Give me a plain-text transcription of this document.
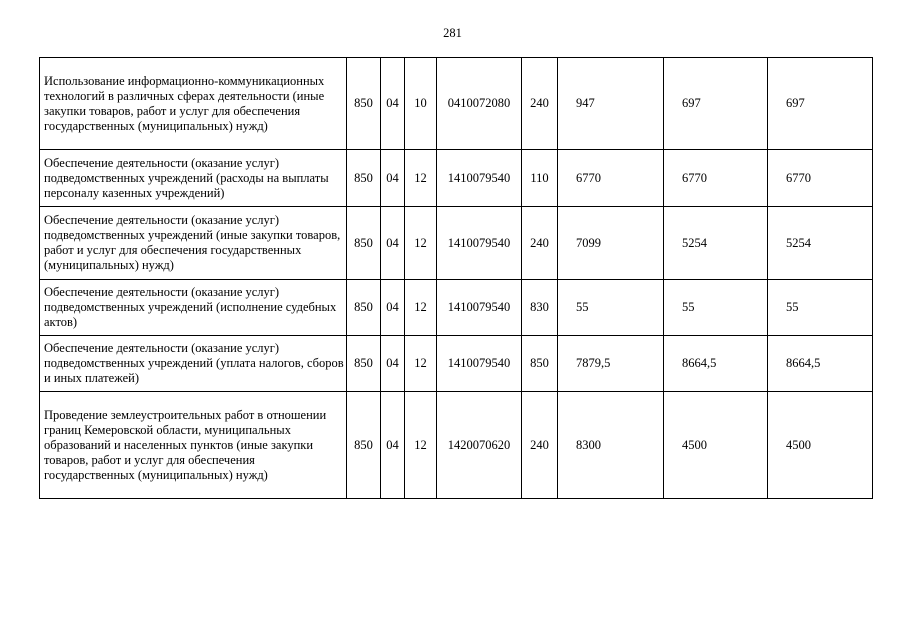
281
Использование информационно-коммуникационных технологий в различных сферах деятельности (иные закупки товаров, работ и услуг для обеспечения государственных (муниципальных) нужд)	850	04	10	0410072080	240	947	697	697
Обеспечение деятельности (оказание услуг) подведомственных учреждений (расходы на выплаты персоналу казенных учреждений)	850	04	12	1410079540	110	6770	6770	6770
Обеспечение деятельности (оказание услуг) подведомственных учреждений (иные закупки товаров, работ и услуг для обеспечения государственных (муниципальных) нужд)	850	04	12	1410079540	240	7099	5254	5254
Обеспечение деятельности (оказание услуг) подведомственных учреждений (исполнение судебных актов)	850	04	12	1410079540	830	55	55	55
Обеспечение деятельности (оказание услуг) подведомственных учреждений (уплата налогов, сборов и иных платежей)	850	04	12	1410079540	850	7879,5	8664,5	8664,5
Проведение землеустроительных работ в отношении границ Кемеровской области, муниципальных образований и населенных пунктов (иные закупки товаров, работ и услуг для обеспечения государственных (муниципальных) нужд)	850	04	12	1420070620	240	8300	4500	4500
